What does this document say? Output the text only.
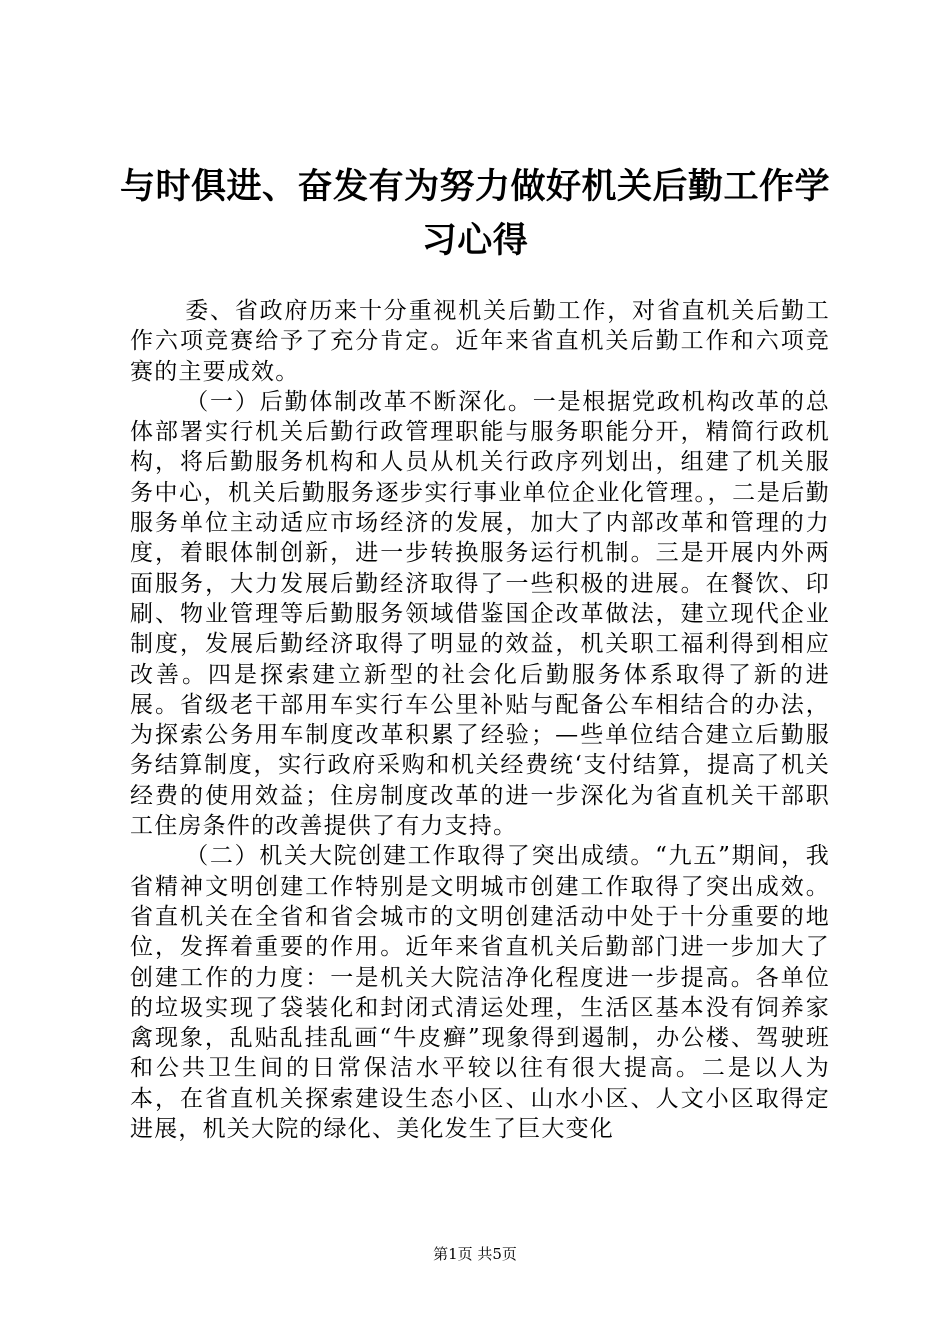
与时俱进、奋发有为努力做好机关后勤工作学习心得

委、省政府历来十分重视机关后勤工作，对省直机关后勤工作六项竞赛给予了充分肯定。近年来省直机关后勤工作和六项竞赛的主要成效。

（一）后勤体制改革不断深化。一是根据党政机构改革的总体部署实行机关后勤行政管理职能与服务职能分开，精简行政机构，将后勤服务机构和人员从机关行政序列划出，组建了机关服务中心，机关后勤服务逐步实行事业单位企业化管理。，二是后勤服务单位主动适应市场经济的发展，加大了内部改革和管理的力度，着眼体制创新，进一步转换服务运行机制。三是开展内外两面服务，大力发展后勤经济取得了一些积极的进展。在餐饮、印刷、物业管理等后勤服务领域借鉴国企改革做法，建立现代企业制度，发展后勤经济取得了明显的效益，机关职工福利得到相应改善。四是探索建立新型的社会化后勤服务体系取得了新的进展。省级老干部用车实行车公里补贴与配备公车相结合的办法，为探索公务用车制度改革积累了经验；—些单位结合建立后勤服务结算制度，实行政府采购和机关经费统‘支付结算，提高了机关经费的使用效益；住房制度改革的进一步深化为省直机关干部职工住房条件的改善提供了有力支持。

（二）机关大院创建工作取得了突出成绩。“九五”期间，我省精神文明创建工作特别是文明城市创建工作取得了突出成效。省直机关在全省和省会城市的文明创建活动中处于十分重要的地位，发挥着重要的作用。近年来省直机关后勤部门进一步加大了创建工作的力度：一是机关大院洁净化程度进一步提高。各单位的垃圾实现了袋装化和封闭式清运处理，生活区基本没有饲养家禽现象，乱贴乱挂乱画“牛皮癣”现象得到遏制，办公楼、驾驶班和公共卫生间的日常保洁水平较以往有很大提高。二是以人为本，在省直机关探索建设生态小区、山水小区、人文小区取得定进展，机关大院的绿化、美化发生了巨大变化

第1页 共5页
